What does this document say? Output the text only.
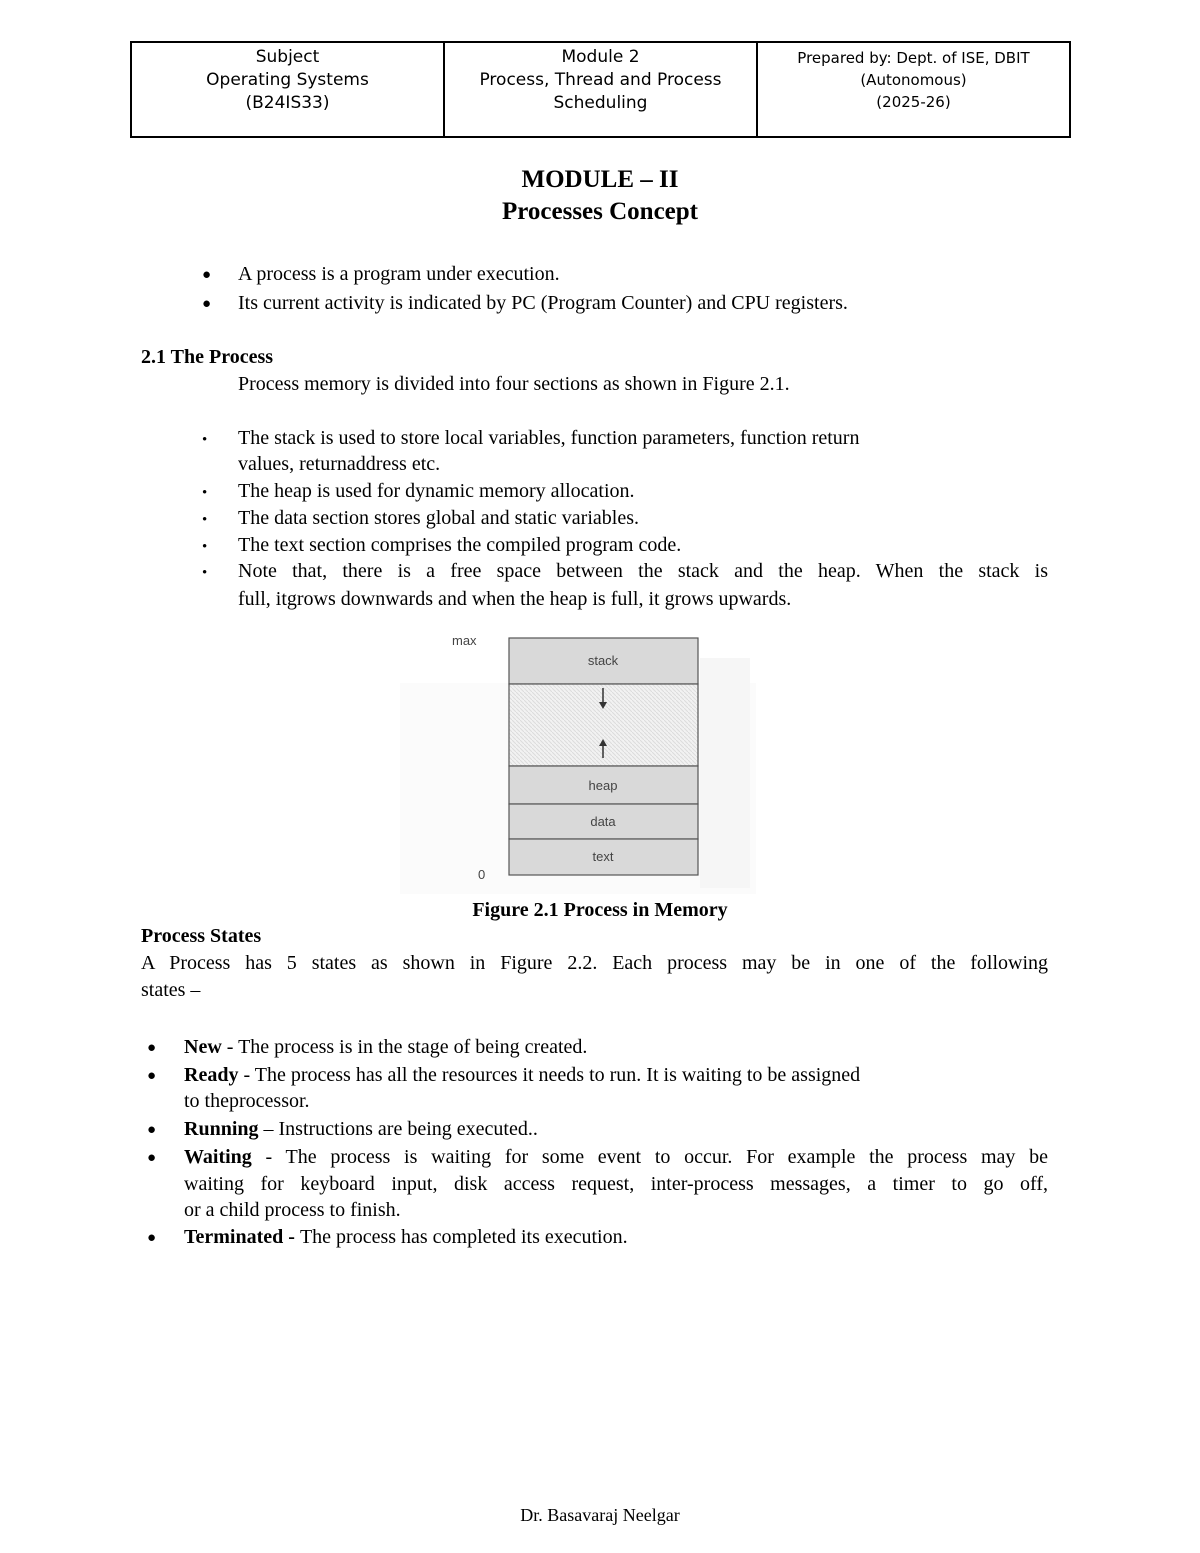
Subject
Operating Systems
(B24IS33)
Module 2
Process, Thread and Process
Scheduling
Prepared by: Dept. of ISE, DBIT
(Autonomous)
(2025-26)
MODULE – II
Processes Concept
● A process is a program under execution.
● Its current activity is indicated by PC (Program Counter) and CPU registers.
2.1 The Process
Process memory is divided into four sections as shown in Figure 2.1.
• The stack is used to store local variables, function parameters, function return
values, returnaddress etc.
• The heap is used for dynamic memory allocation.
• The data section stores global and static variables.
• The text section comprises the compiled program code.
• Note that, there is a free space between the stack and the heap. When the stack is
full, itgrows downwards and when the heap is full, it grows upwards.
max
0
stack
heap
data
text
Figure 2.1 Process in Memory
Process States
A Process has 5 states as shown in Figure 2.2. Each process may be in one of the following
states –
● New - The process is in the stage of being created.
● Ready - The process has all the resources it needs to run. It is waiting to be assigned
to theprocessor.
● Running – Instructions are being executed..
● Waiting - The process is waiting for some event to occur. For example the process may be
waiting for keyboard input, disk access request, inter-process messages, a timer to go off,
or a child process to finish.
● Terminated - The process has completed its execution.
Dr. Basavaraj Neelgar
